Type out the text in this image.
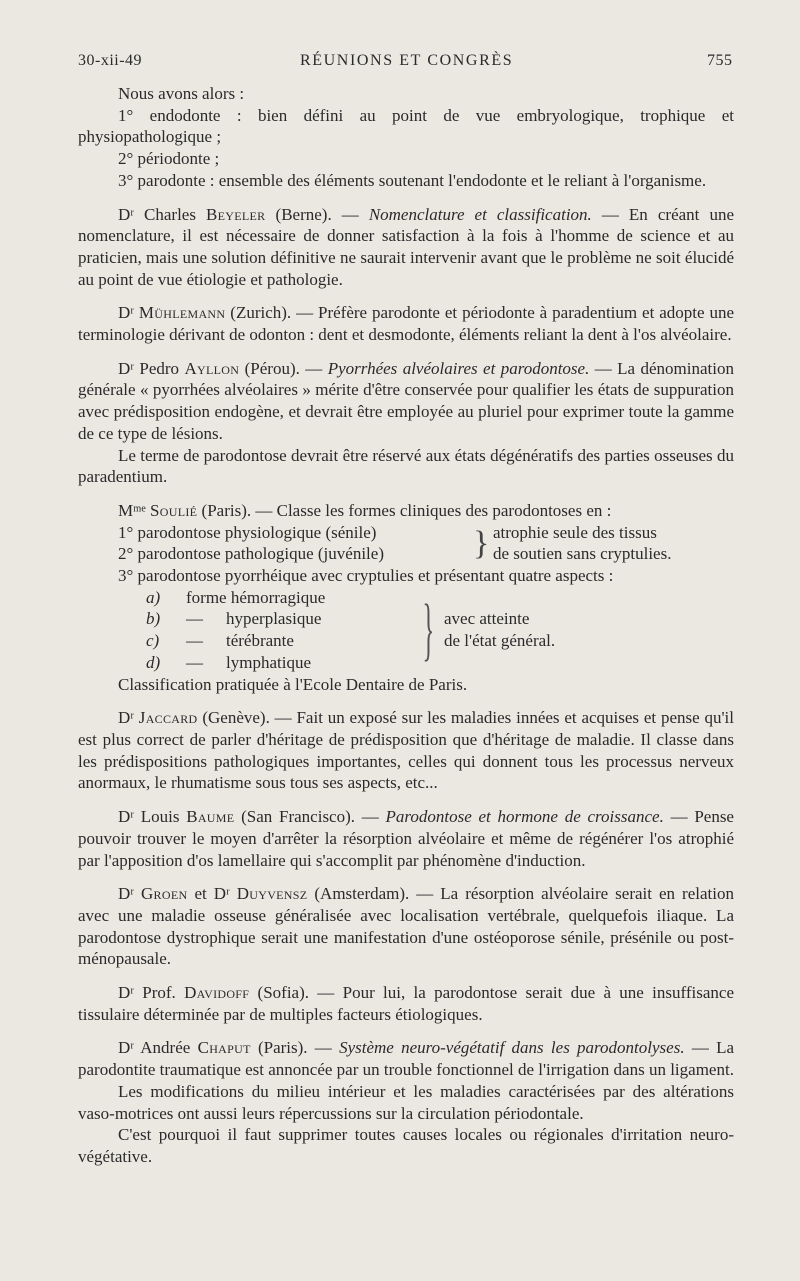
30-xii-49	RÉUNIONS ET CONGRÈS	755

Nous avons alors :

1° endodonte : bien défini au point de vue embryologique, trophique et physiopathologique ;

2° périodonte ;

3° parodonte : ensemble des éléments soutenant l'endodonte et le reliant à l'organisme.

Dʳ Charles Beyeler (Berne). — Nomenclature et classification. — En créant une nomenclature, il est nécessaire de donner satisfaction à la fois à l'homme de science et au praticien, mais une solution définitive ne saurait intervenir avant que le problème ne soit élucidé au point de vue étiologie et pathologie.

Dʳ Mühlemann (Zurich). — Préfère parodonte et périodonte à paradentium et adopte une terminologie dérivant de odonton : dent et desmodonte, éléments reliant la dent à l'os alvéolaire.

Dʳ Pedro Ayllon (Pérou). — Pyorrhées alvéolaires et parodontose. — La dénomination générale « pyorrhées alvéolaires » mérite d'être conservée pour qualifier les états de suppuration avec prédisposition endogène, et devrait être employée au pluriel pour exprimer toute la gamme de ce type de lésions.

Le terme de parodontose devrait être réservé aux états dégénératifs des parties osseuses du paradentium.

Mᵐᵉ Soulié (Paris). — Classe les formes cliniques des parodontoses en :

1° parodontose physiologique (sénile)
2° parodontose pathologique (juvénile)	} atrophie seule des tissus
de soutien sans cryptulies.

3° parodontose pyorrhéique avec cryptulies et présentant quatre aspects :

a)	forme hémorragique
b)	—	hyperplasique
c)	—	térébrante
d)	—	lymphatique } avec atteinte
de l'état général.

Classification pratiquée à l'Ecole Dentaire de Paris.

Dʳ Jaccard (Genève). — Fait un exposé sur les maladies innées et acquises et pense qu'il est plus correct de parler d'héritage de prédisposition que d'héritage de maladie. Il classe dans les prédispositions pathologiques importantes, celles qui donnent tous les processus nerveux anormaux, le rhumatisme sous tous ses aspects, etc...

Dʳ Louis Baume (San Francisco). — Parodontose et hormone de croissance. — Pense pouvoir trouver le moyen d'arrêter la résorption alvéolaire et même de régénérer l'os atrophié par l'apposition d'os lamellaire qui s'accomplit par phénomène d'induction.

Dʳ Groen et Dʳ Duyvensz (Amsterdam). — La résorption alvéolaire serait en relation avec une maladie osseuse généralisée avec localisation vertébrale, quelquefois iliaque. La parodontose dystrophique serait une manifestation d'une ostéoporose sénile, présénile ou post-ménopausale.

Dʳ Prof. Davidoff (Sofia). — Pour lui, la parodontose serait due à une insuffisance tissulaire déterminée par de multiples facteurs étiologiques.

Dʳ Andrée Chaput (Paris). — Système neuro-végétatif dans les parodontolyses. — La parodontite traumatique est annoncée par un trouble fonctionnel de l'irrigation dans un ligament.

Les modifications du milieu intérieur et les maladies caractérisées par des altérations vaso-motrices ont aussi leurs répercussions sur la circulation périodontale.

C'est pourquoi il faut supprimer toutes causes locales ou régionales d'irritation neuro-végétative.
